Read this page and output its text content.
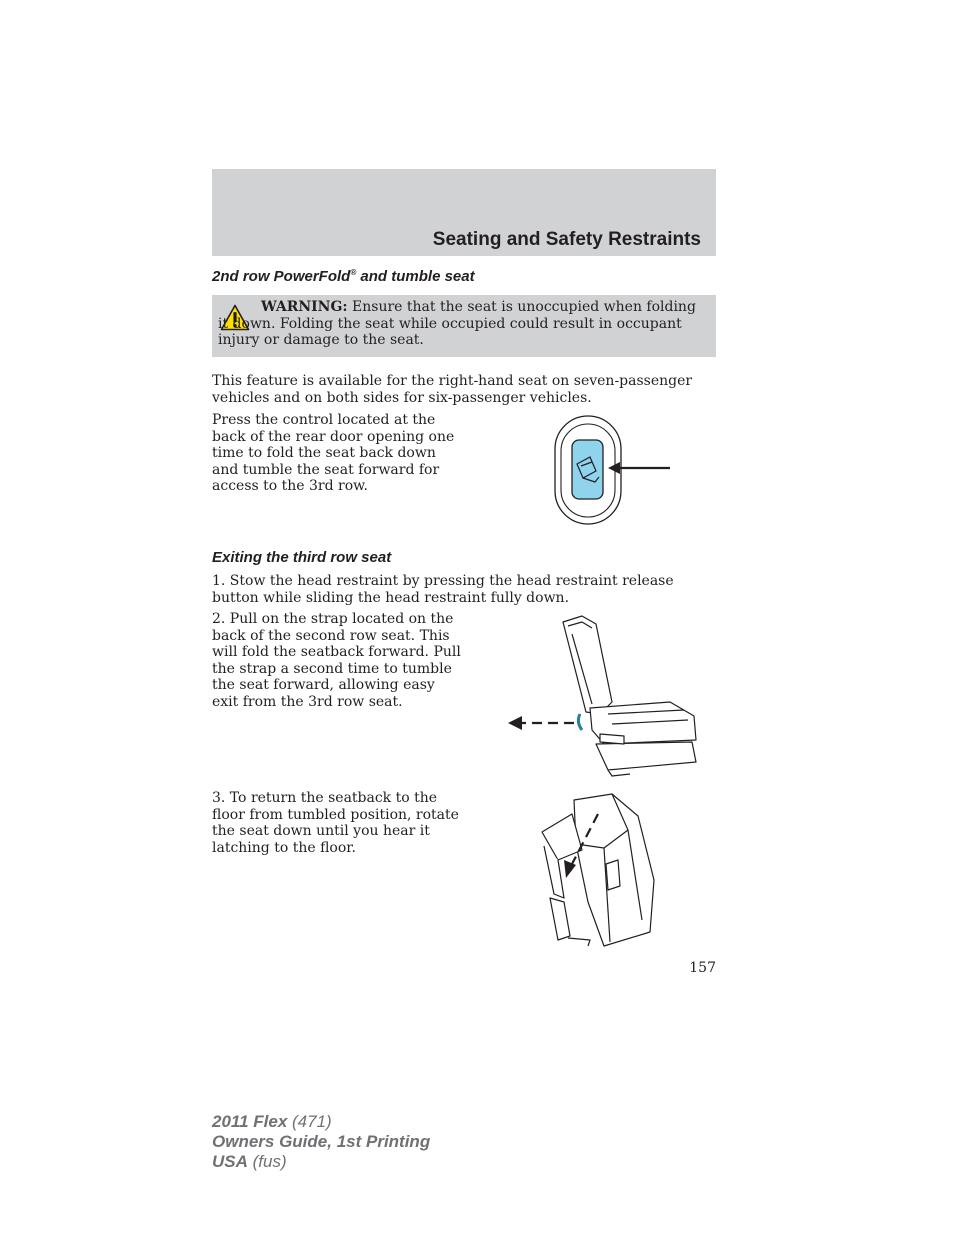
Seating and Safety Restraints
2nd row PowerFold® and tumble seat
WARNING: Ensure that the seat is unoccupied when folding it down. Folding the seat while occupied could result in occupant injury or damage to the seat.
This feature is available for the right-hand seat on seven-passenger vehicles and on both sides for six-passenger vehicles.
Press the control located at the back of the rear door opening one time to fold the seat back down and tumble the seat forward for access to the 3rd row.
Exiting the third row seat
1. Stow the head restraint by pressing the head restraint release button while sliding the head restraint fully down.
2. Pull on the strap located on the back of the second row seat. This will fold the seatback forward. Pull the strap a second time to tumble the seat forward, allowing easy exit from the 3rd row seat.
3. To return the seatback to the floor from tumbled position, rotate the seat down until you hear it latching to the floor.
157
2011 Flex (471)
Owners Guide, 1st Printing
USA (fus)
